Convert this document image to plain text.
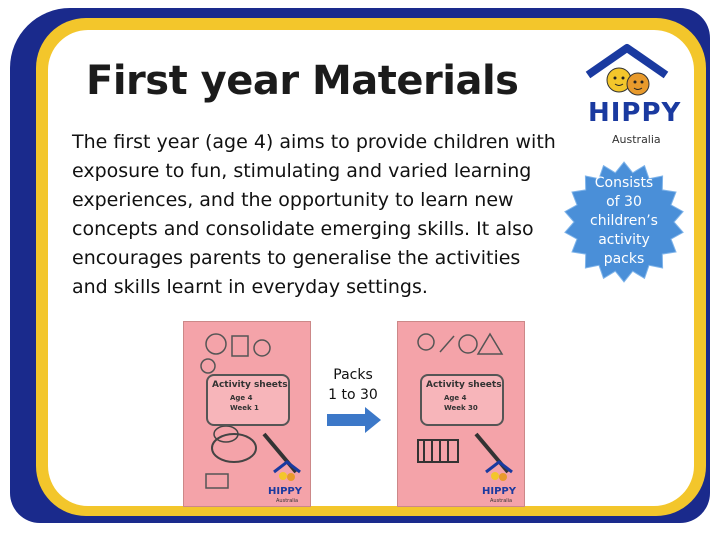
First year Materials
The first year (age 4) aims to provide children with
exposure to fun, stimulating and varied learning
experiences, and the opportunity to learn new
concepts and consolidate emerging skills. It also
encourages parents to generalise the activities
and skills learnt in everyday settings.
HIPPY
Australia
Consists
of 30
children’s
activity
packs
Activity sheets
Age 4
Week 1
HIPPY
Australia
Packs
1 to 30
Activity sheets
Age 4
Week 30
HIPPY
Australia
